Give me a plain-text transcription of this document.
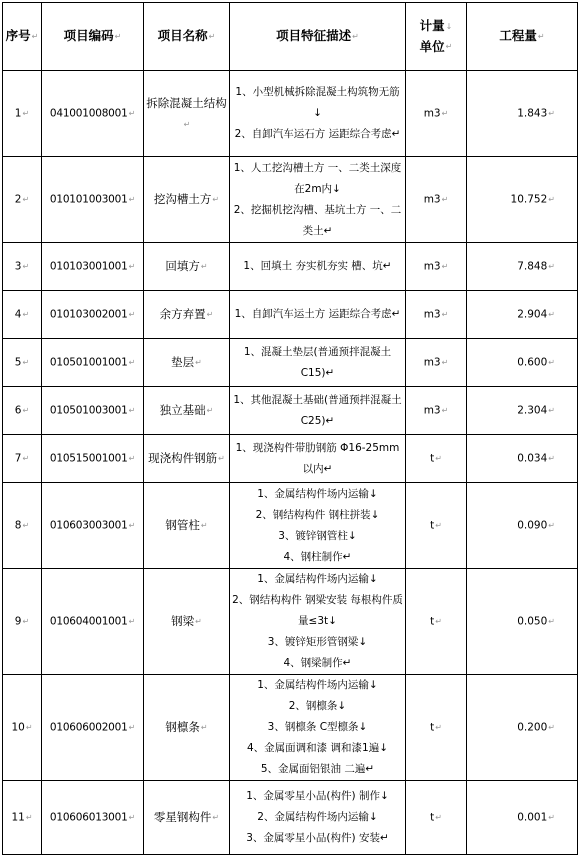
序号↵	项目编码↵	项目名称↵	项目特征描述↵	计量↓
单位↵	工程量↵
1↵	041001008001↵	拆除混凝土结构↵	1、小型机械拆除混凝土构筑物无筋↓
2、自卸汽车运石方 运距综合考虑↵	m3↵	1.843↵
2↵	010101003001↵	挖沟槽土方↵	1、人工挖沟槽土方 一、二类土深度在2m内↓
2、挖掘机挖沟槽、基坑土方 一、二类土↵	m3↵	10.752↵
3↵	010103001001↵	回填方↵	1、回填土 夯实机夯实 槽、坑↵	m3↵	7.848↵
4↵	010103002001↵	余方弃置↵	1、自卸汽车运土方 运距综合考虑↵	m3↵	2.904↵
5↵	010501001001↵	垫层↵	1、混凝土垫层(普通预拌混凝土 C15)↵	m3↵	0.600↵
6↵	010501003001↵	独立基础↵	1、其他混凝土基础(普通预拌混凝土 C25)↵	m3↵	2.304↵
7↵	010515001001↵	现浇构件钢筋↵	1、现浇构件带肋钢筋 Φ16-25mm以内↵	t↵	0.034↵
8↵	010603003001↵	钢管柱↵	1、金属结构件场内运输↓
2、钢结构构件 钢柱拼装↓
3、镀锌钢管柱↓
4、钢柱制作↵	t↵	0.090↵
9↵	010604001001↵	钢梁↵	1、金属结构件场内运输↓
2、钢结构构件 钢梁安装 每根构件质量≤3t↓
3、镀锌矩形管钢梁↓
4、钢梁制作↵	t↵	0.050↵
10↵	010606002001↵	钢檩条↵	1、金属结构件场内运输↓
2、钢檩条↓
3、钢檩条 C型檩条↓
4、金属面调和漆 调和漆1遍↓
5、金属面铝银油 二遍↵	t↵	0.200↵
11↵	010606013001↵	零星钢构件↵	1、金属零星小品(构件) 制作↓
2、金属结构件场内运输↓
3、金属零星小品(构件) 安装↵	t↵	0.001↵
